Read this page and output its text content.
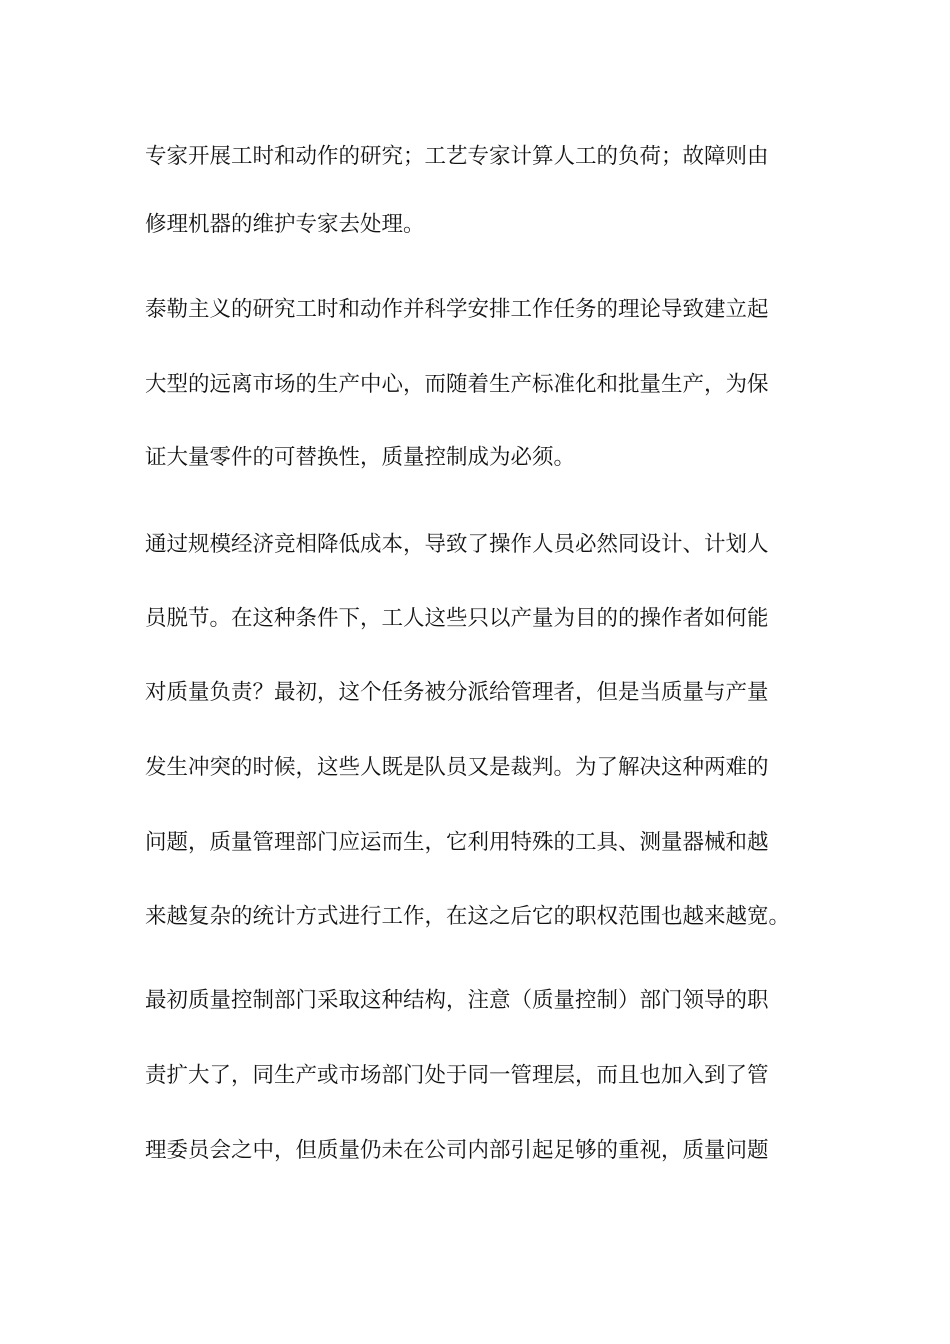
专家开展工时和动作的研究；工艺专家计算人工的负荷；故障则由
修理机器的维护专家去处理。
泰勒主义的研究工时和动作并科学安排工作任务的理论导致建立起
大型的远离市场的生产中心，而随着生产标准化和批量生产，为保
证大量零件的可替换性，质量控制成为必须。
通过规模经济竞相降低成本，导致了操作人员必然同设计、计划人
员脱节。在这种条件下，工人这些只以产量为目的的操作者如何能
对质量负责？最初，这个任务被分派给管理者，但是当质量与产量
发生冲突的时候，这些人既是队员又是裁判。为了解决这种两难的
问题，质量管理部门应运而生，它利用特殊的工具、测量器械和越
来越复杂的统计方式进行工作，在这之后它的职权范围也越来越宽。
最初质量控制部门采取这种结构，注意（质量控制）部门领导的职
责扩大了，同生产或市场部门处于同一管理层，而且也加入到了管
理委员会之中，但质量仍未在公司内部引起足够的重视，质量问题
